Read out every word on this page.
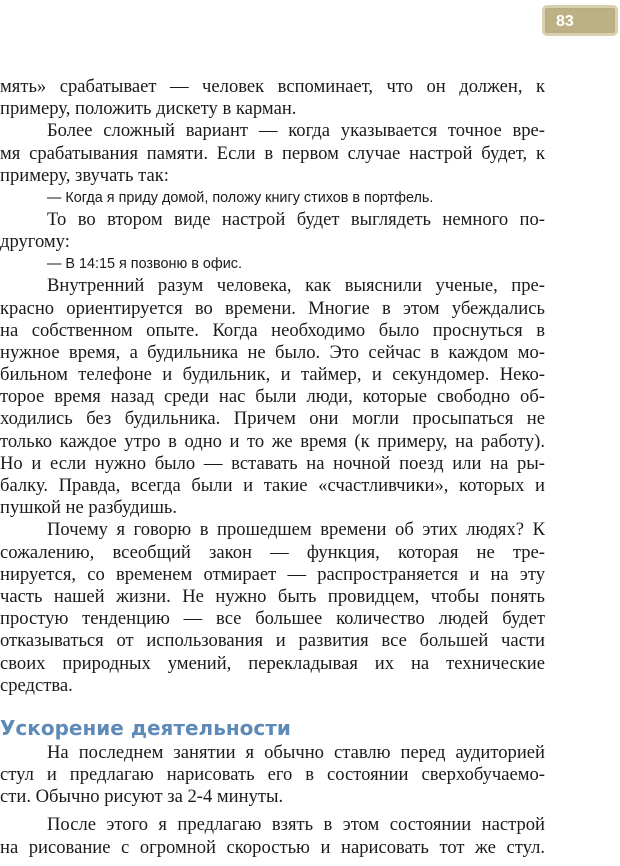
83
мять» срабатывает — человек вспоминает, что он должен, к
примеру, положить дискету в карман.
Более сложный вариант — когда указывается точное вре-
мя срабатывания памяти. Если в первом случае настрой будет, к
примеру, звучать так:
— Когда я приду домой, положу книгу стихов в портфель.
То во втором виде настрой будет выглядеть немного по-
другому:
— В 14:15 я позвоню в офис.
Внутренний разум человека, как выяснили ученые, пре-
красно ориентируется во времени. Многие в этом убеждались
на собственном опыте. Когда необходимо было проснуться в
нужное время, а будильника не было. Это сейчас в каждом мо-
бильном телефоне и будильник, и таймер, и секундомер. Неко-
торое время назад среди нас были люди, которые свободно об-
ходились без будильника. Причем они могли просыпаться не
только каждое утро в одно и то же время (к примеру, на работу).
Но и если нужно было — вставать на ночной поезд или на ры-
балку. Правда, всегда были и такие «счастливчики», которых и
пушкой не разбудишь.
Почему я говорю в прошедшем времени об этих людях? К
сожалению, всеобщий закон — функция, которая не тре-
нируется, со временем отмирает — распространяется и на эту
часть нашей жизни. Не нужно быть провидцем, чтобы понять
простую тенденцию — все большее количество людей будет
отказываться от использования и развития все большей части
своих природных умений, перекладывая их на технические
средства.
Ускорение деятельности
На последнем занятии я обычно ставлю перед аудиторией
стул и предлагаю нарисовать его в состоянии сверхобучаемо-
сти. Обычно рисуют за 2-4 минуты.
После этого я предлагаю взять в этом состоянии настрой
на рисование с огромной скоростью и нарисовать тот же стул.
